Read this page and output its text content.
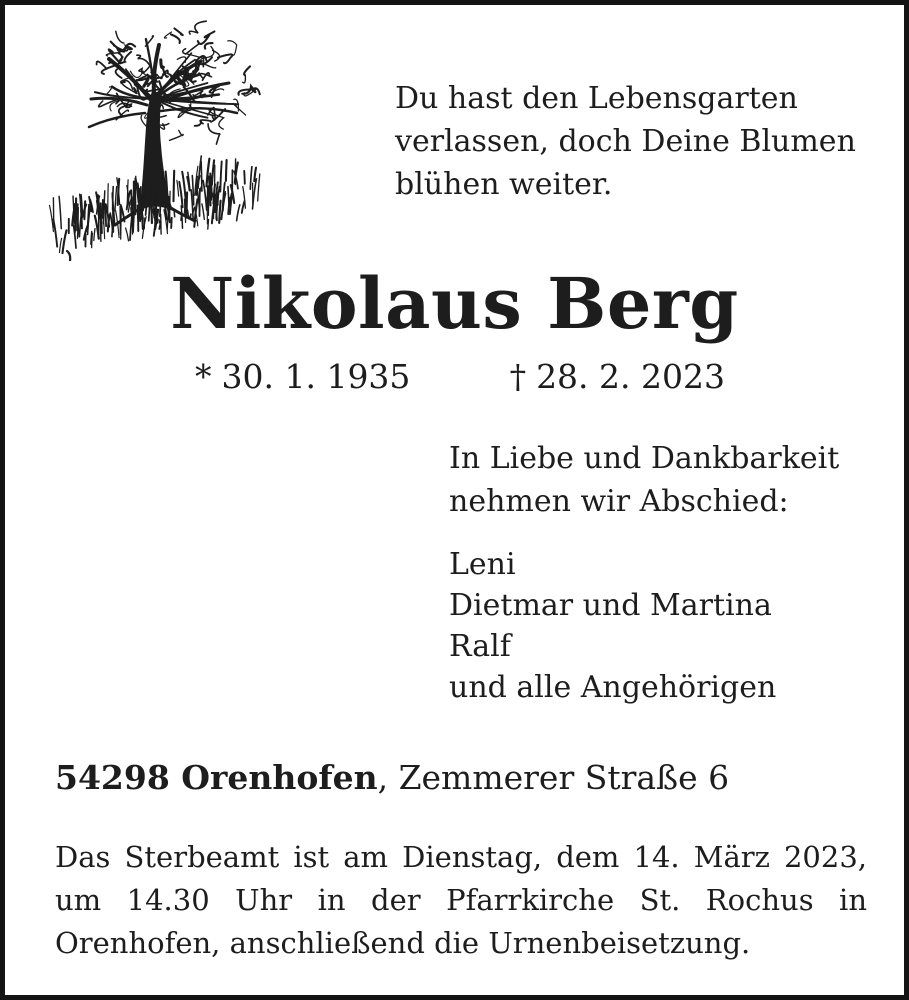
Du hast den Lebensgarten
verlassen, doch Deine Blumen
blühen weiter.
Nikolaus Berg
* 30. 1. 1935	† 28. 2. 2023
In Liebe und Dankbarkeit
nehmen wir Abschied:
Leni
Dietmar und Martina
Ralf
und alle Angehörigen
54298 Orenhofen, Zemmerer Straße 6
Das Sterbeamt ist am Dienstag, dem 14. März 2023,
um 14.30 Uhr in der Pfarrkirche St. Rochus in
Orenhofen, anschließend die Urnenbeisetzung.
